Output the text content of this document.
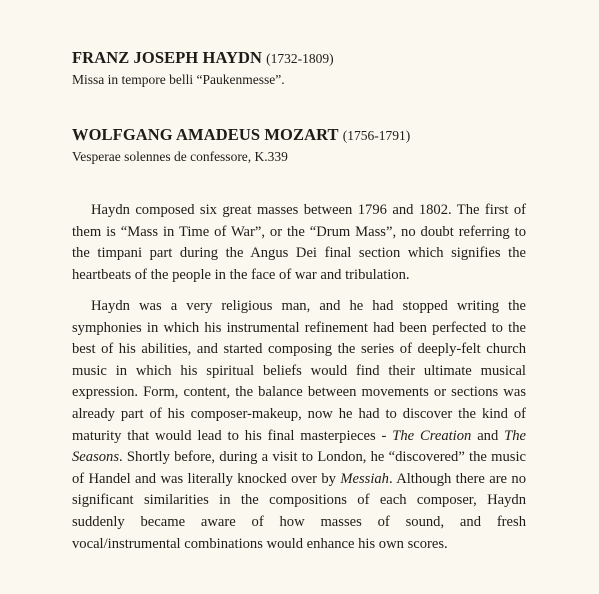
FRANZ JOSEPH HAYDN (1732-1809)
Missa in tempore belli “Paukenmesse”.
WOLFGANG AMADEUS MOZART (1756-1791)
Vesperae solennes de confessore, K.339

Haydn composed six great masses between 1796 and 1802. The first of them is “Mass in Time of War”, or the “Drum Mass”, no doubt referring to the timpani part during the Angus Dei final section which signifies the heartbeats of the people in the face of war and tribulation.

Haydn was a very religious man, and he had stopped writing the symphonies in which his instrumental refinement had been perfected to the best of his abilities, and started composing the series of deeply-felt church music in which his spiritual beliefs would find their ultimate musical expression. Form, content, the balance between movements or sections was already part of his composer-makeup, now he had to discover the kind of maturity that would lead to his final masterpieces - The Creation and The Seasons. Shortly before, during a visit to London, he “discovered” the music of Handel and was literally knocked over by Messiah. Although there are no significant similarities in the compositions of each composer, Haydn suddenly became aware of how masses of sound, and fresh vocal/instrumental combinations would enhance his own scores.
